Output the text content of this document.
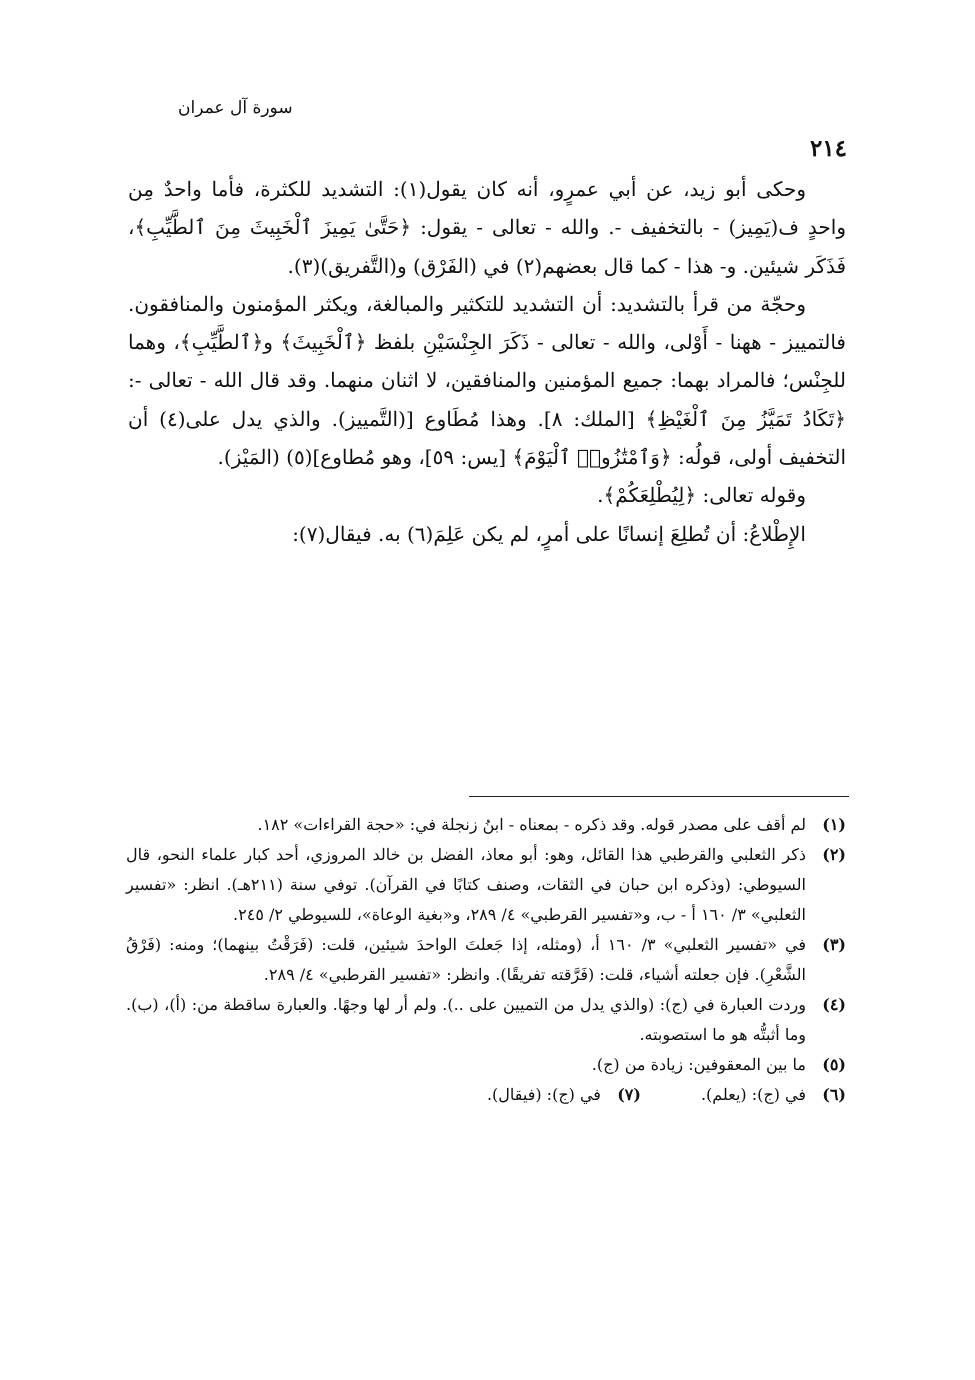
٢١٤
سورة آل عمران

وحكى أبو زيد، عن أبي عمرٍو، أنه كان يقول(١): التشديد للكثرة، فأما واحدٌ مِن واحدٍ ف(يَمِيز) - بالتخفيف -. والله - تعالى - يقول: ﴿حَتَّىٰ يَمِيزَ ٱلْخَبِيثَ مِنَ ٱلطَّيِّبِ﴾، فَذَكَر شيئين. و- هذا - كما قال بعضهم(٢) في (الفَرْق) و(التَّفريق)(٣).

وحجّة من قرأ بالتشديد: أن التشديد للتكثير والمبالغة، ويكثر المؤمنون والمنافقون. فالتمييز - ههنا - أَوْلى، والله - تعالى - ذَكَرَ الجِنْسَيْنِ بلفظ ﴿ٱلْخَبِيثَ﴾ و﴿ٱلطَّيِّبِ﴾، وهما للجِنْس؛ فالمراد بهما: جميع المؤمنين والمنافقين، لا اثنان منهما. وقد قال الله - تعالى -: ﴿تَكَادُ تَمَيَّزُ مِنَ ٱلْغَيْظِ﴾ [الملك: ٨]. وهذا مُطَاوع [(التَّمييز). والذي يدل على(٤) أن التخفيف أولى، قولُه: ﴿وَٱمْتَٰزُوا۟ ٱلْيَوْمَ﴾ [يس: ٥٩]، وهو مُطاوع](٥) (المَيْز).

وقوله تعالى: ﴿لِيُطْلِعَكُمْ﴾.

الإِطْلاعُ: أن تُطلِعَ إنسانًا على أمرٍ، لم يكن عَلِمَ(٦) به. فيقال(٧):

(١)
لم أقف على مصدر قوله. وقد ذكره - بمعناه - ابنُ زنجلة في: «حجة القراءات» ١٨٢.
(٢)
ذكر الثعلبي والقرطبي هذا القائل، وهو: أبو معاذ، الفضل بن خالد المروزي، أحد كبار علماء النحو، قال السيوطي: (وذكره ابن حبان في الثقات، وصنف كتابًا في القرآن). توفي سنة (٢١١هـ). انظر: «تفسير الثعلبي» ٣/ ١٦٠ أ - ب، و«تفسير القرطبي» ٤/ ٢٨٩، و«بغية الوعاة»، للسيوطي ٢/ ٢٤٥.
(٣)
في «تفسير الثعلبي» ٣/ ١٦٠ أ، (ومثله، إذا جَعلتَ الواحدَ شيئين، قلت: (فَرَقْتُ بينهما)؛ ومنه: (فَرْقُ الشَّعْرِ). فإن جعلته أشياء، قلت: (فَرَّقته تفريقًا). وانظر: «تفسير القرطبي» ٤/ ٢٨٩.
(٤)
وردت العبارة في (ج): (والذي يدل من التميين على ..). ولم أر لها وجهًا. والعبارة ساقطة من: (أ)، (ب). وما أثبتُّه هو ما استصوبته.
(٥)
ما بين المعقوفين: زيادة من (ج).
(٦)
في (ج): (يعلم).
(٧)
في (ج): (فيقال).
